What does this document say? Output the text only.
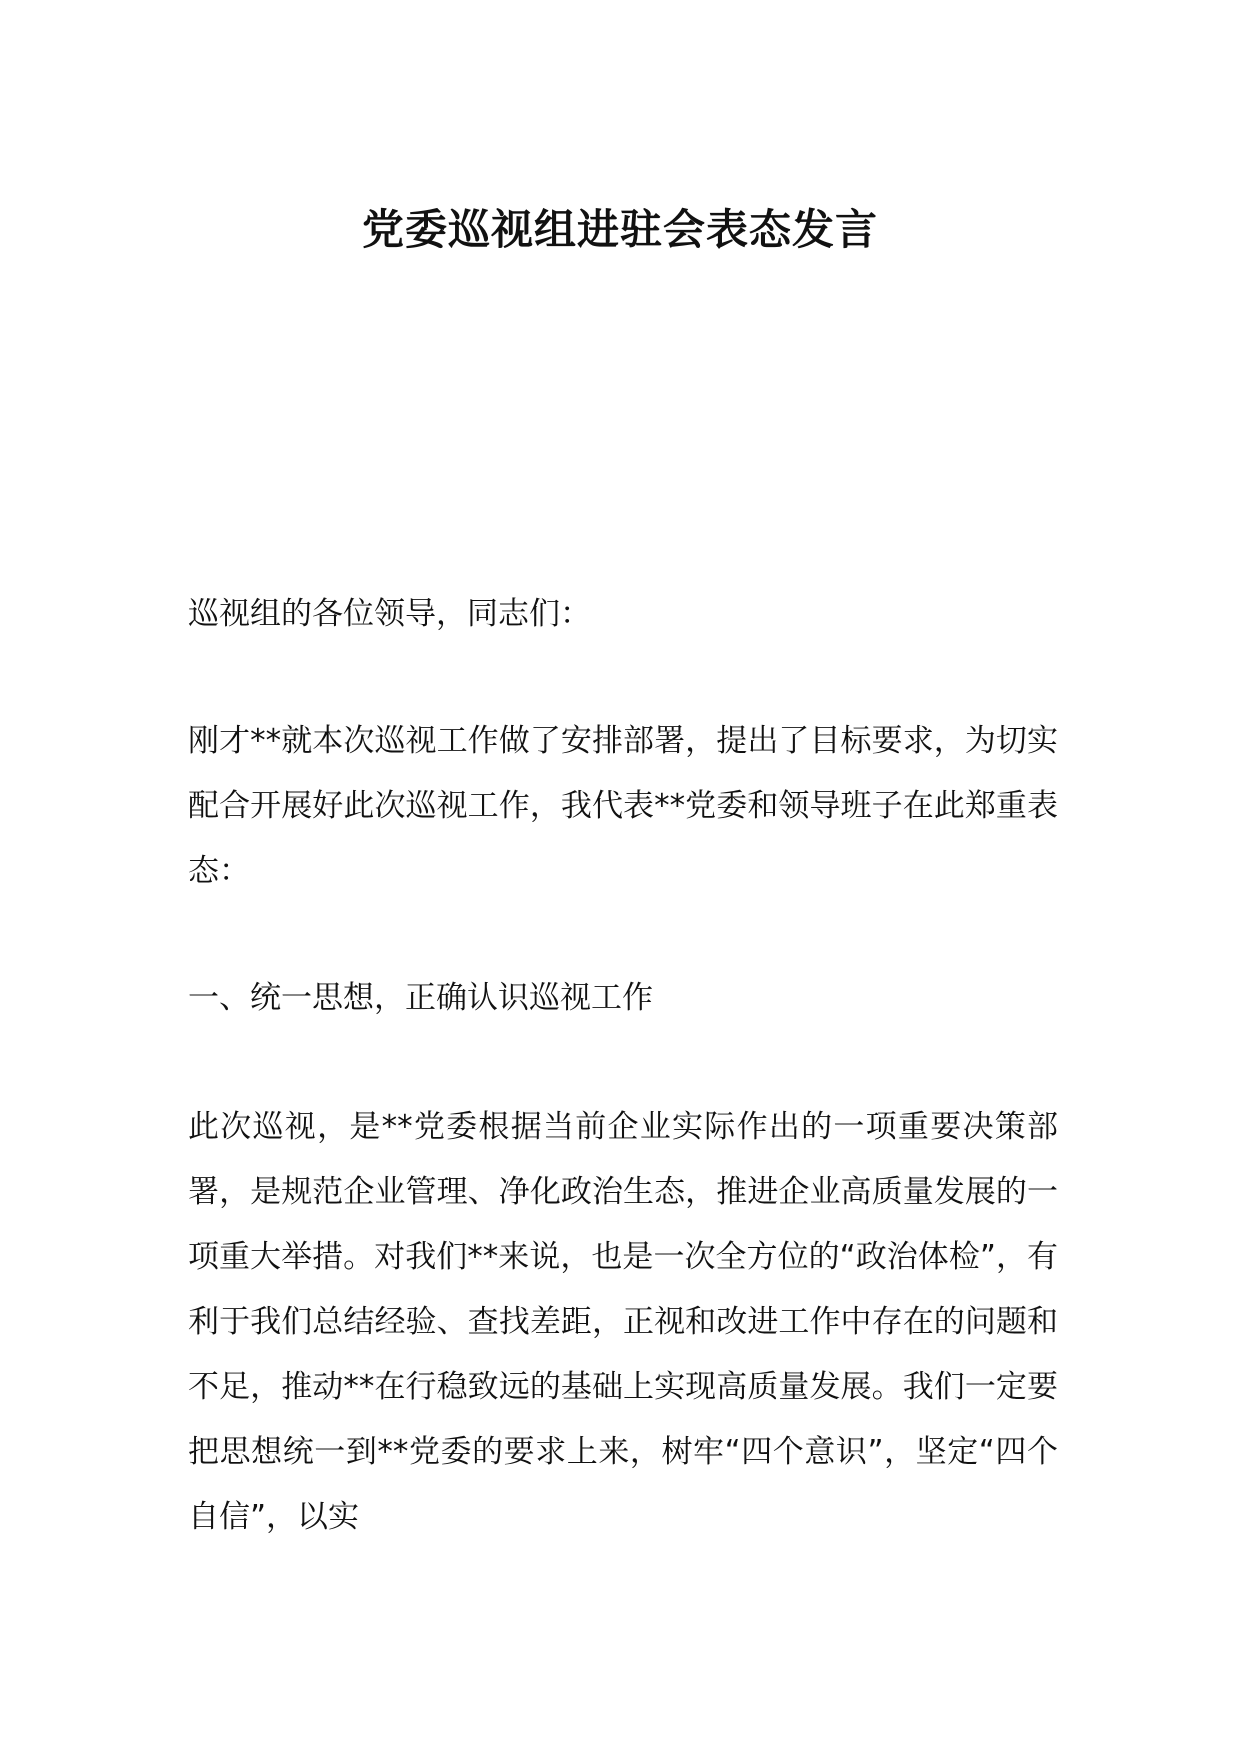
党委巡视组进驻会表态发言

巡视组的各位领导，同志们：

刚才**就本次巡视工作做了安排部署，提出了目标要求，为切实配合开展好此次巡视工作，我代表**党委和领导班子在此郑重表态：

一、统一思想，正确认识巡视工作

此次巡视，是**党委根据当前企业实际作出的一项重要决策部署，是规范企业管理、净化政治生态，推进企业高质量发展的一项重大举措。对我们**来说，也是一次全方位的“政治体检”，有利于我们总结经验、查找差距，正视和改进工作中存在的问题和不足，推动**在行稳致远的基础上实现高质量发展。我们一定要把思想统一到**党委的要求上来，树牢“四个意识”，坚定“四个自信”，以实
